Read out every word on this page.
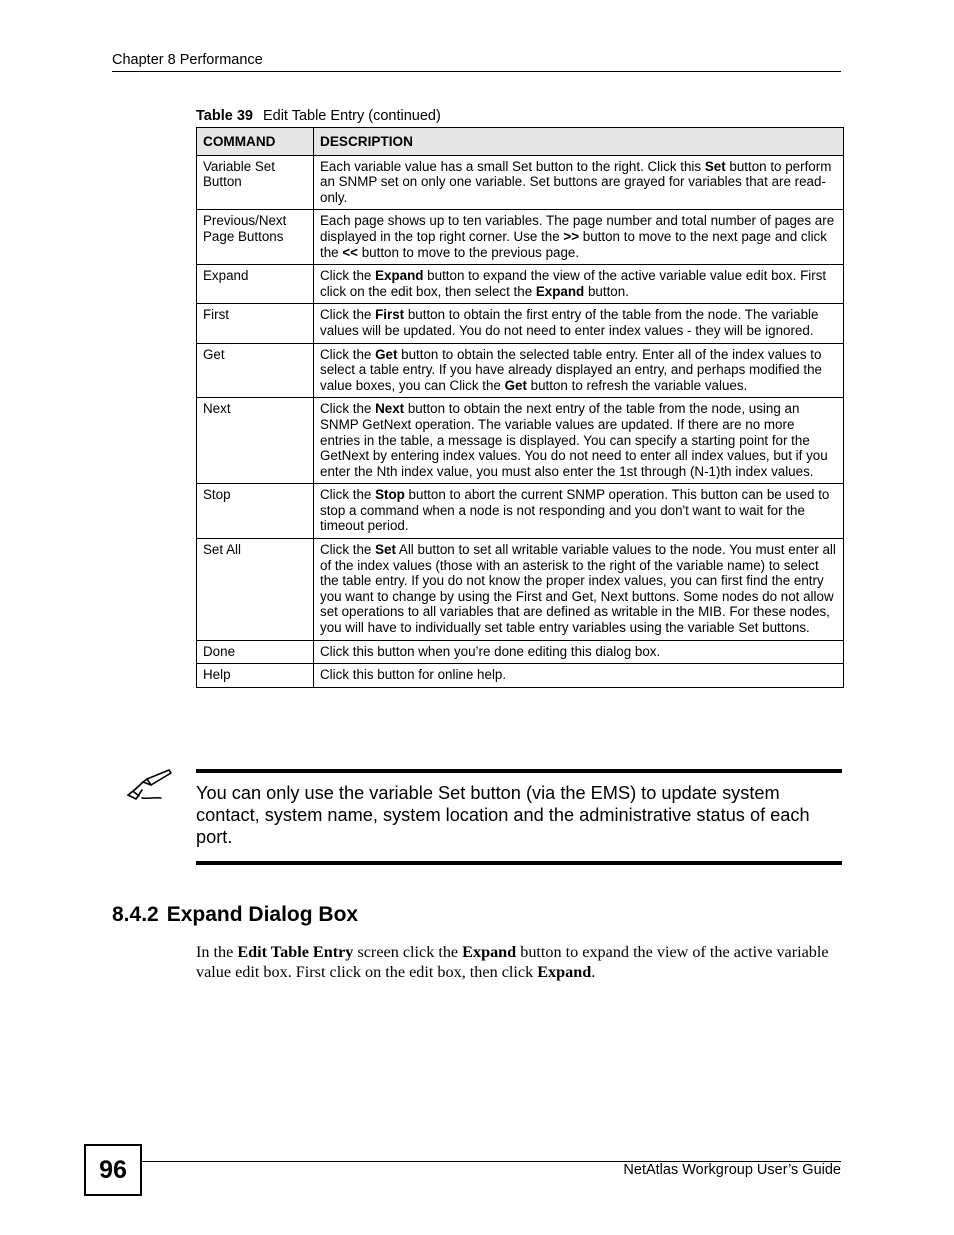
Chapter 8 Performance
Table 39 Edit Table Entry (continued)
COMMAND	DESCRIPTION
Variable Set Button	Each variable value has a small Set button to the right. Click this Set button to perform an SNMP set on only one variable. Set buttons are grayed for variables that are read-only.
Previous/Next Page Buttons	Each page shows up to ten variables. The page number and total number of pages are displayed in the top right corner. Use the >> button to move to the next page and click the << button to move to the previous page.
Expand	Click the Expand button to expand the view of the active variable value edit box. First click on the edit box, then select the Expand button.
First	Click the First button to obtain the first entry of the table from the node. The variable values will be updated. You do not need to enter index values - they will be ignored.
Get	Click the Get button to obtain the selected table entry. Enter all of the index values to select a table entry. If you have already displayed an entry, and perhaps modified the value boxes, you can Click the Get button to refresh the variable values.
Next	Click the Next button to obtain the next entry of the table from the node, using an SNMP GetNext operation. The variable values are updated. If there are no more entries in the table, a message is displayed. You can specify a starting point for the GetNext by entering index values. You do not need to enter all index values, but if you enter the Nth index value, you must also enter the 1st through (N-1)th index values.
Stop	Click the Stop button to abort the current SNMP operation. This button can be used to stop a command when a node is not responding and you don't want to wait for the timeout period.
Set All	Click the Set All button to set all writable variable values to the node. You must enter all of the index values (those with an asterisk to the right of the variable name) to select the table entry. If you do not know the proper index values, you can first find the entry you want to change by using the First and Get, Next buttons. Some nodes do not allow set operations to all variables that are defined as writable in the MIB. For these nodes, you will have to individually set table entry variables using the variable Set buttons.
Done	Click this button when you’re done editing this dialog box.
Help	Click this button for online help.
You can only use the variable Set button (via the EMS) to update system contact, system name, system location and the administrative status of each port.
8.4.2 Expand Dialog Box

In the Edit Table Entry screen click the Expand button to expand the view of the active variable value edit box. First click on the edit box, then click Expand.

96	NetAtlas Workgroup User’s Guide
